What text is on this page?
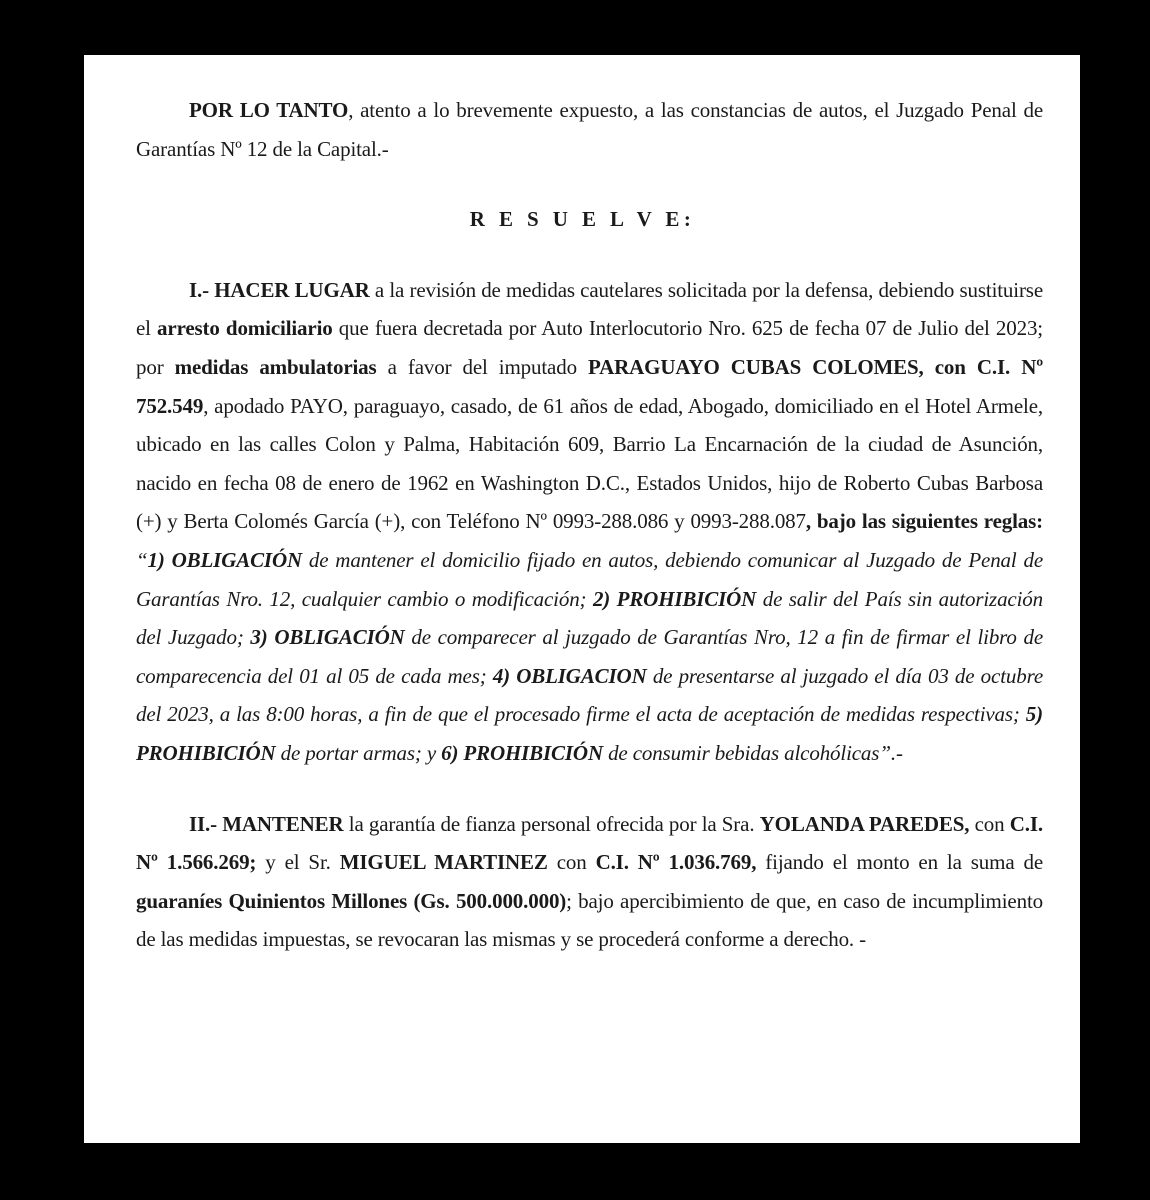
POR LO TANTO, atento a lo brevemente expuesto, a las constancias de autos, el Juzgado Penal de Garantías Nº 12 de la Capital.-

R E S U E L V E:

I.- HACER LUGAR a la revisión de medidas cautelares solicitada por la defensa, debiendo sustituirse el arresto domiciliario que fuera decretada por Auto Interlocutorio Nro. 625 de fecha 07 de Julio del 2023; por medidas ambulatorias a favor del imputado PARAGUAYO CUBAS COLOMES, con C.I. Nº 752.549, apodado PAYO, paraguayo, casado, de 61 años de edad, Abogado, domiciliado en el Hotel Armele, ubicado en las calles Colon y Palma, Habitación 609, Barrio La Encarnación de la ciudad de Asunción, nacido en fecha 08 de enero de 1962 en Washington D.C., Estados Unidos, hijo de Roberto Cubas Barbosa (+) y Berta Colomés García (+), con Teléfono Nº 0993-288.086 y 0993-288.087, bajo las siguientes reglas: “1) OBLIGACIÓN de mantener el domicilio fijado en autos, debiendo comunicar al Juzgado de Penal de Garantías Nro. 12, cualquier cambio o modificación; 2) PROHIBICIÓN de salir del País sin autorización del Juzgado; 3) OBLIGACIÓN de comparecer al juzgado de Garantías Nro, 12 a fin de firmar el libro de comparecencia del 01 al 05 de cada mes; 4) OBLIGACION de presentarse al juzgado el día 03 de octubre del 2023, a las 8:00 horas, a fin de que el procesado firme el acta de aceptación de medidas respectivas; 5) PROHIBICIÓN de portar armas; y 6) PROHIBICIÓN de consumir bebidas alcohólicas”.-

II.- MANTENER la garantía de fianza personal ofrecida por la Sra. YOLANDA PAREDES, con C.I. Nº 1.566.269; y el Sr. MIGUEL MARTINEZ con C.I. Nº 1.036.769, fijando el monto en la suma de guaraníes Quinientos Millones (Gs. 500.000.000); bajo apercibimiento de que, en caso de incumplimiento de las medidas impuestas, se revocaran las mismas y se procederá conforme a derecho. -
